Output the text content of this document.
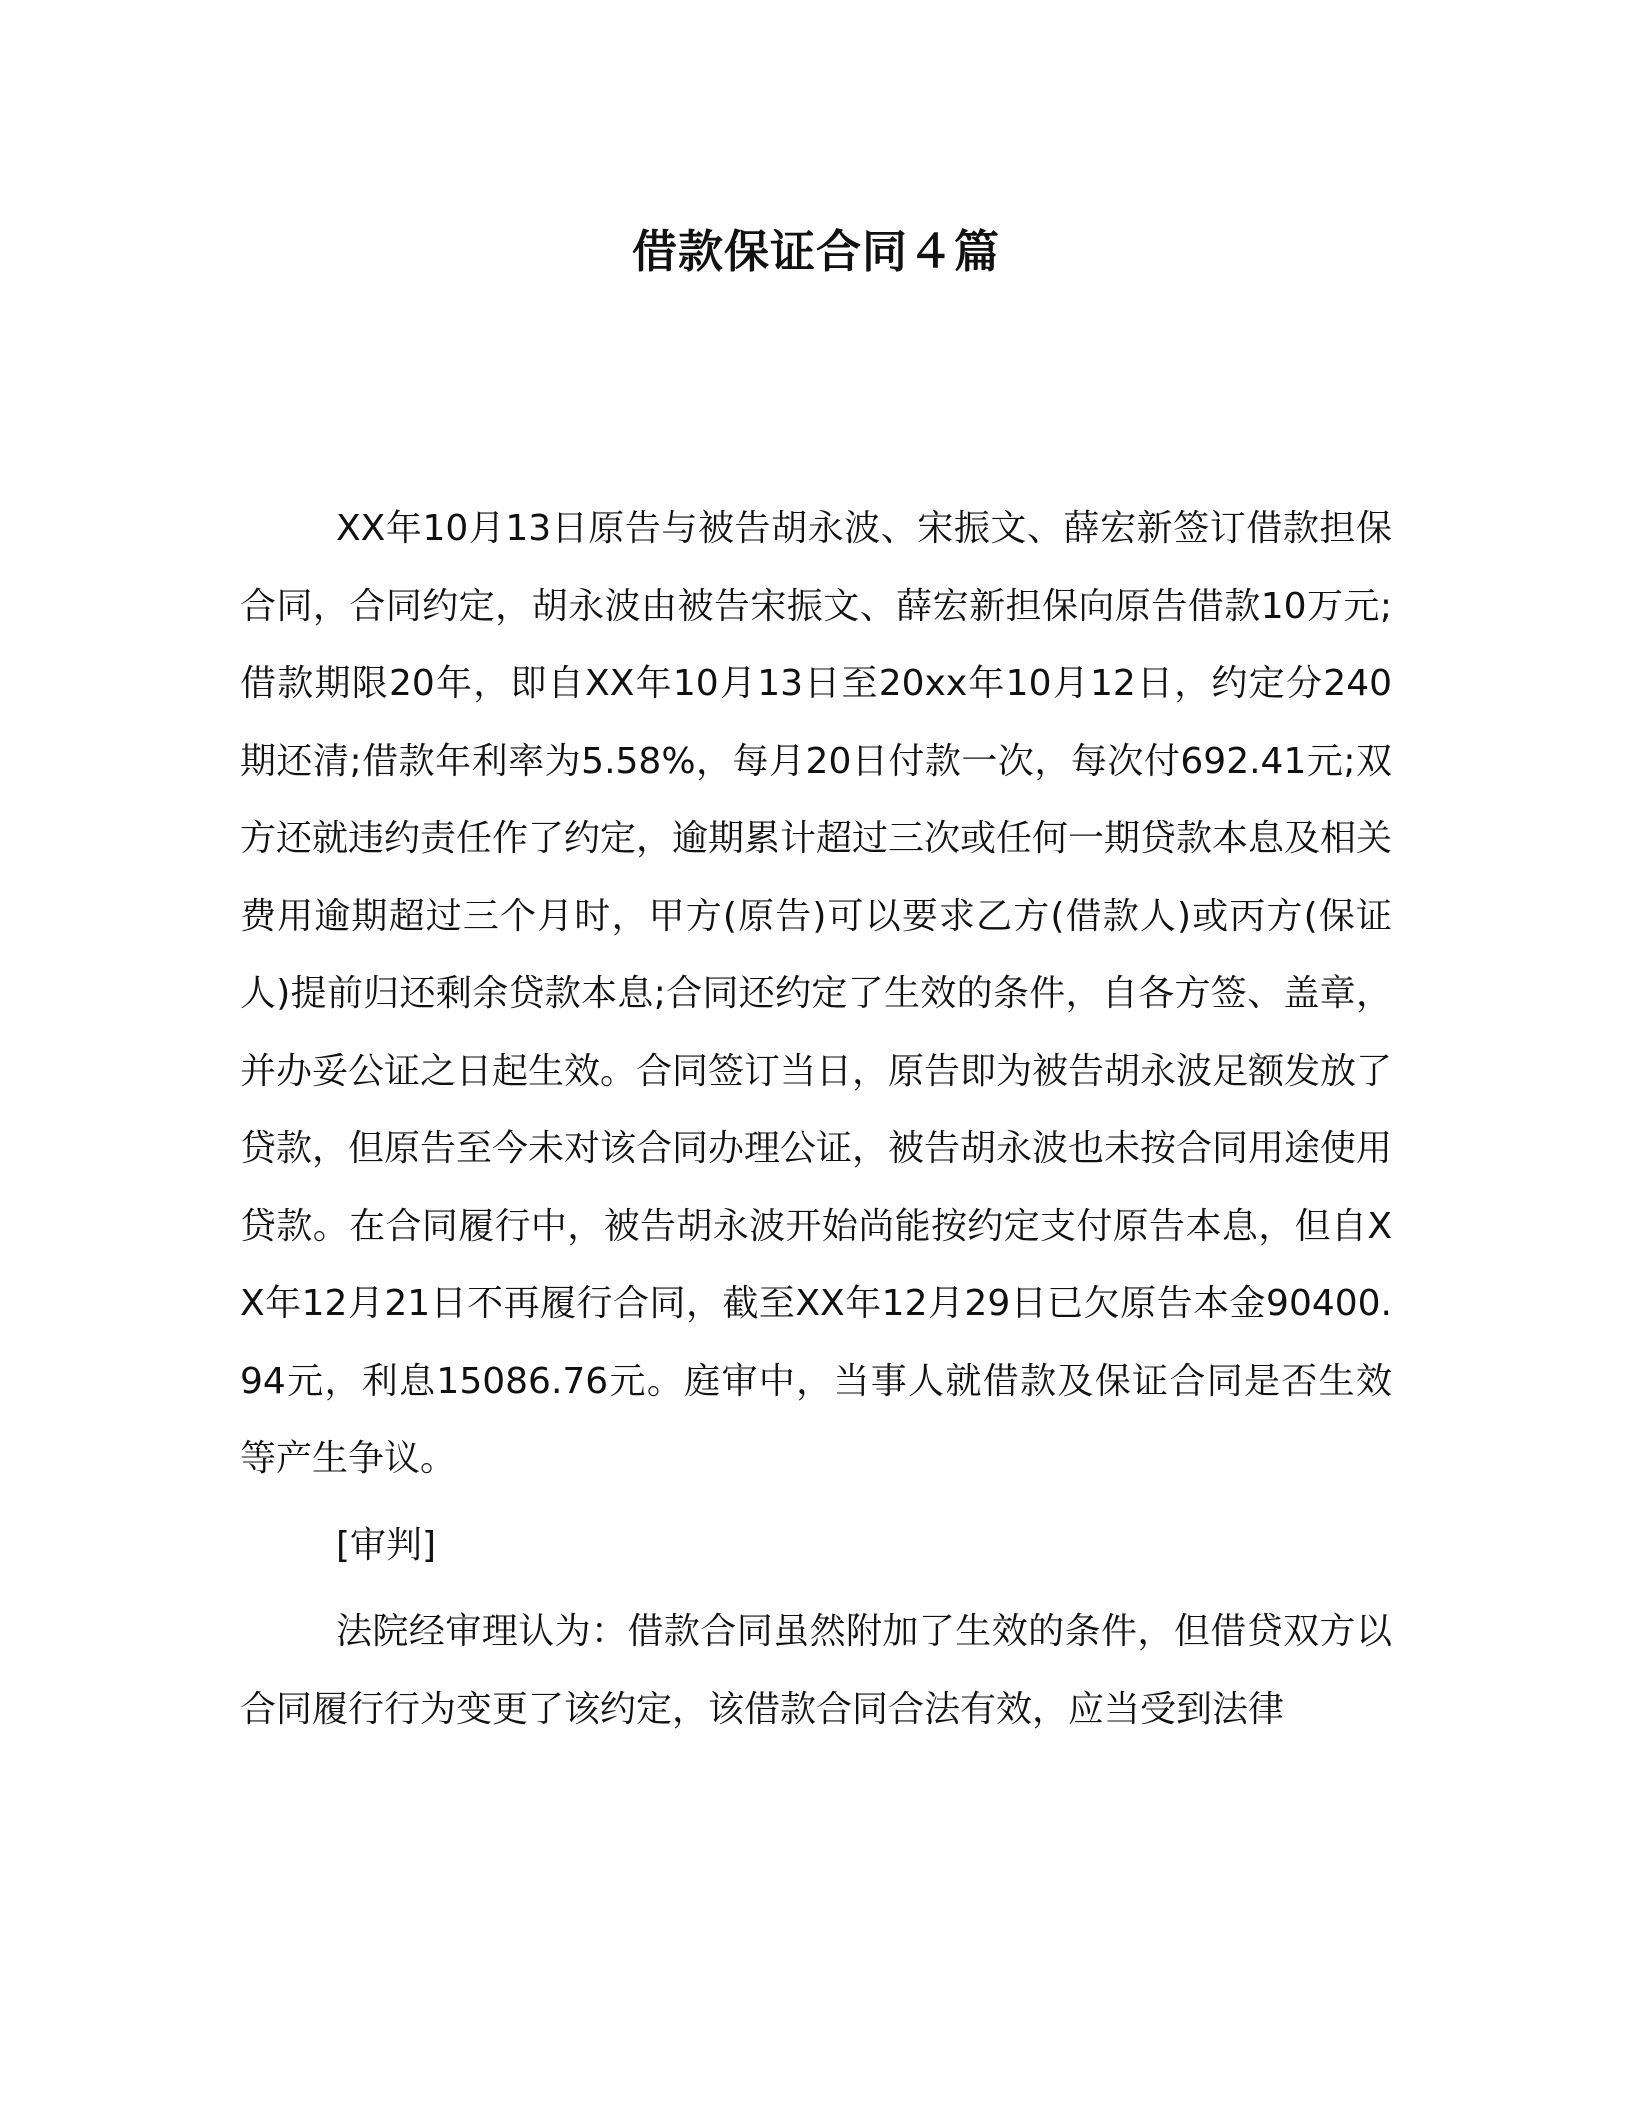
借款保证合同４篇

XX年10月13日原告与被告胡永波、宋振文、薛宏新签订借款担保合同，合同约定，胡永波由被告宋振文、薛宏新担保向原告借款10万元;借款期限20年，即自XX年10月13日至20xx年10月12日，约定分240期还清;借款年利率为5.58%，每月20日付款一次，每次付692.41元;双方还就违约责任作了约定，逾期累计超过三次或任何一期贷款本息及相关费用逾期超过三个月时，甲方(原告)可以要求乙方(借款人)或丙方(保证人)提前归还剩余贷款本息;合同还约定了生效的条件，自各方签、盖章，并办妥公证之日起生效。合同签订当日，原告即为被告胡永波足额发放了贷款，但原告至今未对该合同办理公证，被告胡永波也未按合同用途使用贷款。在合同履行中，被告胡永波开始尚能按约定支付原告本息，但自XX年12月21日不再履行合同，截至XX年12月29日已欠原告本金90400.94元，利息15086.76元。庭审中，当事人就借款及保证合同是否生效等产生争议。

[审判]

法院经审理认为：借款合同虽然附加了生效的条件，但借贷双方以合同履行行为变更了该约定，该借款合同合法有效，应当受到法律
